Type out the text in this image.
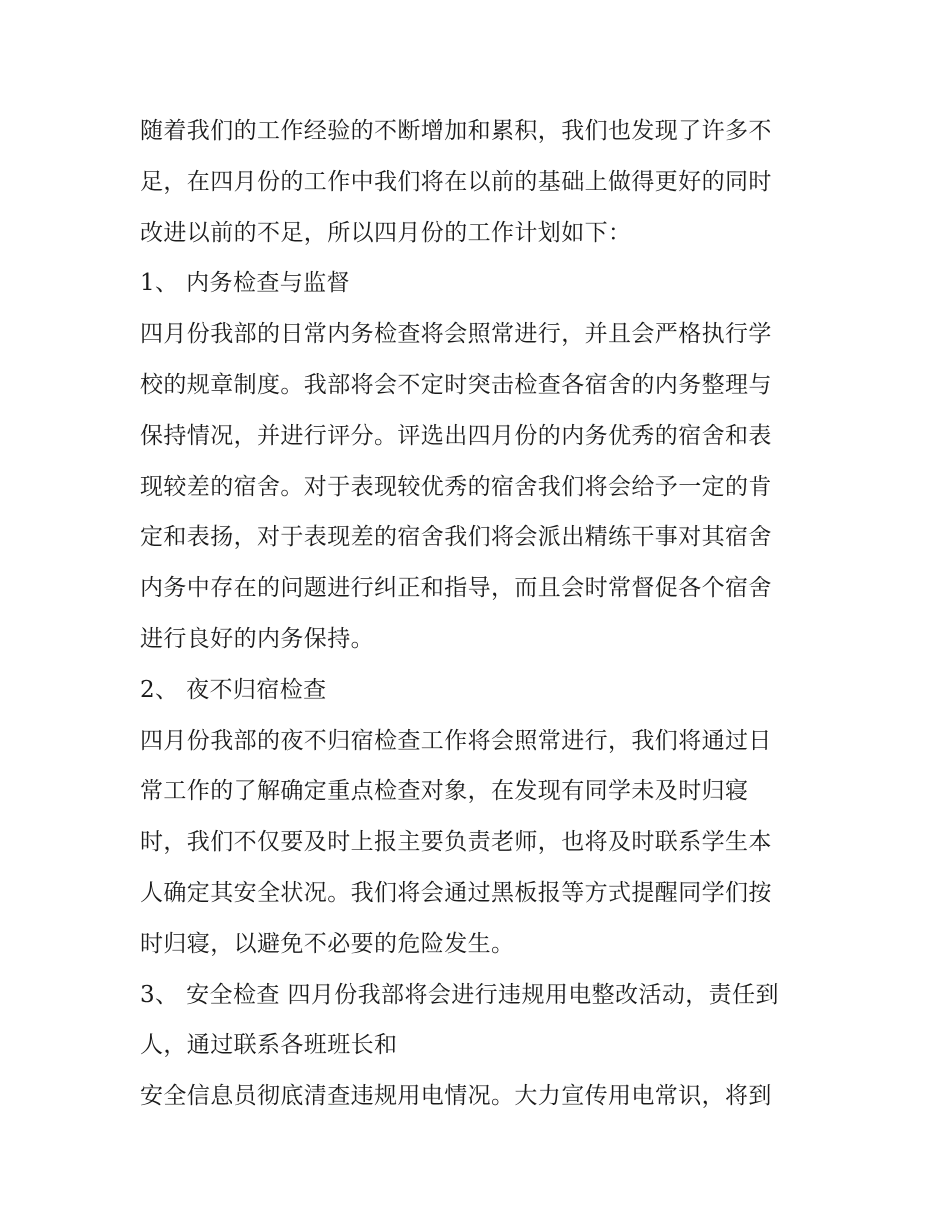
随着我们的工作经验的不断增加和累积，我们也发现了许多不
足，在四月份的工作中我们将在以前的基础上做得更好的同时
改进以前的不足，所以四月份的工作计划如下：
1、 内务检查与监督
四月份我部的日常内务检查将会照常进行，并且会严格执行学
校的规章制度。我部将会不定时突击检查各宿舍的内务整理与
保持情况，并进行评分。评选出四月份的内务优秀的宿舍和表
现较差的宿舍。对于表现较优秀的宿舍我们将会给予一定的肯
定和表扬，对于表现差的宿舍我们将会派出精练干事对其宿舍
内务中存在的问题进行纠正和指导，而且会时常督促各个宿舍
进行良好的内务保持。
2、 夜不归宿检查
四月份我部的夜不归宿检查工作将会照常进行，我们将通过日
常工作的了解确定重点检查对象，在发现有同学未及时归寝
时，我们不仅要及时上报主要负责老师，也将及时联系学生本
人确定其安全状况。我们将会通过黑板报等方式提醒同学们按
时归寝，以避免不必要的危险发生。
3、 安全检查 四月份我部将会进行违规用电整改活动，责任到
人，通过联系各班班长和
安全信息员彻底清查违规用电情况。大力宣传用电常识，将到
